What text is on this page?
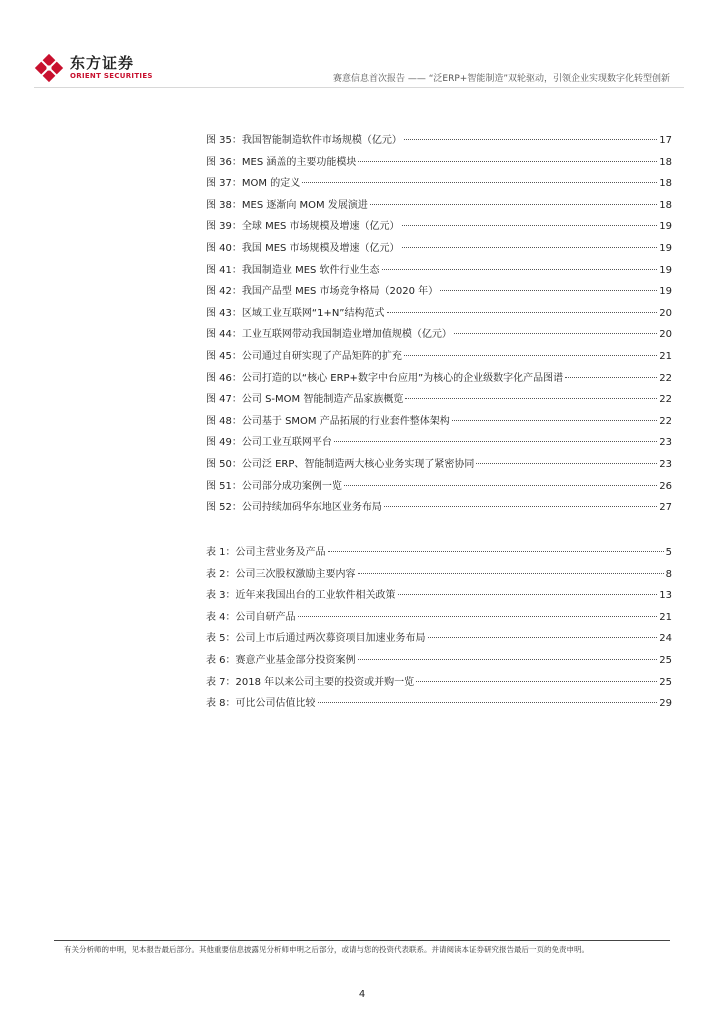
东方证券
ORIENT SECURITIES	赛意信息首次报告 —— “泛ERP+智能制造”双轮驱动，引领企业实现数字化转型创新
图 35：我国智能制造软件市场规模（亿元）	17
图 36：MES 涵盖的主要功能模块	18
图 37：MOM 的定义	18
图 38：MES 逐渐向 MOM 发展演进	18
图 39：全球 MES 市场规模及增速（亿元）	19
图 40：我国 MES 市场规模及增速（亿元）	19
图 41：我国制造业 MES 软件行业生态	19
图 42：我国产品型 MES 市场竞争格局（2020 年）	19
图 43：区域工业互联网“1+N”结构范式	20
图 44：工业互联网带动我国制造业增加值规模（亿元）	20
图 45：公司通过自研实现了产品矩阵的扩充	21
图 46：公司打造的以“核心 ERP+数字中台应用”为核心的企业级数字化产品图谱	22
图 47：公司 S-MOM 智能制造产品家族概览	22
图 48：公司基于 SMOM 产品拓展的行业套件整体架构	22
图 49：公司工业互联网平台	23
图 50：公司泛 ERP、智能制造两大核心业务实现了紧密协同	23
图 51：公司部分成功案例一览	26
图 52：公司持续加码华东地区业务布局	27
表 1：公司主营业务及产品	5
表 2：公司三次股权激励主要内容	8
表 3：近年来我国出台的工业软件相关政策	13
表 4：公司自研产品	21
表 5：公司上市后通过两次募资项目加速业务布局	24
表 6：赛意产业基金部分投资案例	25
表 7：2018 年以来公司主要的投资或并购一览	25
表 8：可比公司估值比较	29
有关分析师的申明，见本报告最后部分。其他重要信息披露见分析师申明之后部分，或请与您的投资代表联系。并请阅读本证券研究报告最后一页的免责申明。
4
